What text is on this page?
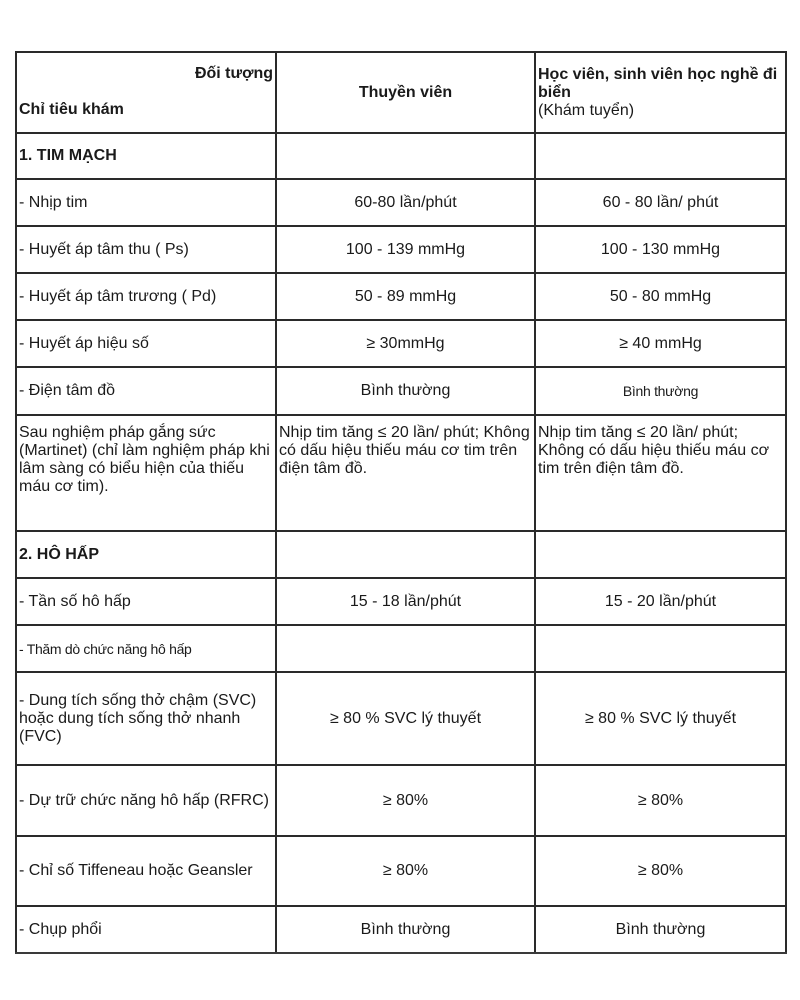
Đối tượng
Chỉ tiêu khám	Thuyền viên	Học viên, sinh viên học nghề đi biển
(Khám tuyển)

1. TIM MẠCH		
- Nhịp tim	60-80 lần/phút	60 - 80 lần/ phút
- Huyết áp tâm thu ( Ps)	100 - 139 mmHg	100 - 130 mmHg
- Huyết áp tâm trương ( Pd)	50 - 89 mmHg	50 - 80 mmHg
- Huyết áp hiệu số	≥ 30mmHg	≥ 40 mmHg
- Điện tâm đồ	Bình thường	Bình thường
Sau nghiệm pháp gắng sức (Martinet) (chỉ làm nghiệm pháp khi lâm sàng có biểu hiện của thiếu máu cơ tim).	Nhịp tim tăng ≤ 20 lần/ phút; Không có dấu hiệu thiếu máu cơ tim trên điện tâm đồ.	Nhịp tim tăng ≤ 20 lần/ phút; Không có dấu hiệu thiếu máu cơ tim trên điện tâm đồ.
2. HÔ HẤP		
- Tần số hô hấp	15 - 18 lần/phút	15 - 20 lần/phút
- Thăm dò chức năng hô hấp		
- Dung tích sống thở chậm (SVC) hoặc dung tích sống thở nhanh (FVC)	≥ 80 % SVC lý thuyết	≥ 80 % SVC lý thuyết
- Dự trữ chức năng hô hấp (RFRC)	≥ 80%	≥ 80%
- Chỉ số Tiffeneau hoặc Geansler	≥ 80%	≥ 80%
- Chụp phổi	Bình thường	Bình thường
